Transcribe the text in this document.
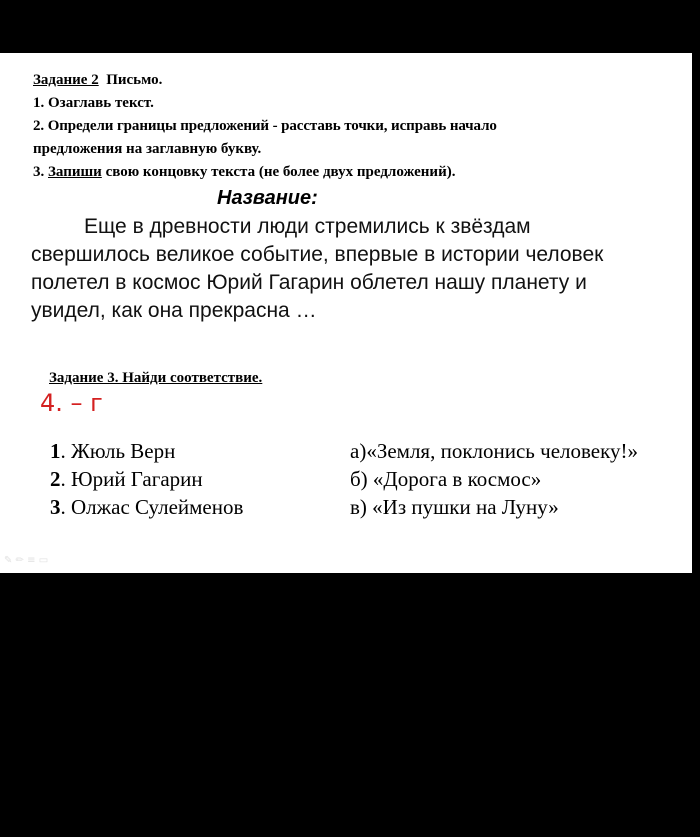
Задание 2 Письмо.
1. Озаглавь текст.
2. Определи границы предложений - расставь точки, исправь начало
предложения на заглавную букву.
3. Запиши свою концовку текста (не более двух предложений).
Название:
Еще в древности люди стремились к звёздам
свершилось великое событие, впервые в истории человек
полетел в космос Юрий Гагарин облетел нашу планету и
увидел, как она прекрасна …
Задание 3. Найди соответствие.
4. – г
1. Жюль Верн
2. Юрий Гагарин
3. Олжас Сулейменов
а)«Земля, поклонись человеку!»
б) «Дорога в космос»
в) «Из пушки на Луну»
✎ ✏ ≡ ▭
